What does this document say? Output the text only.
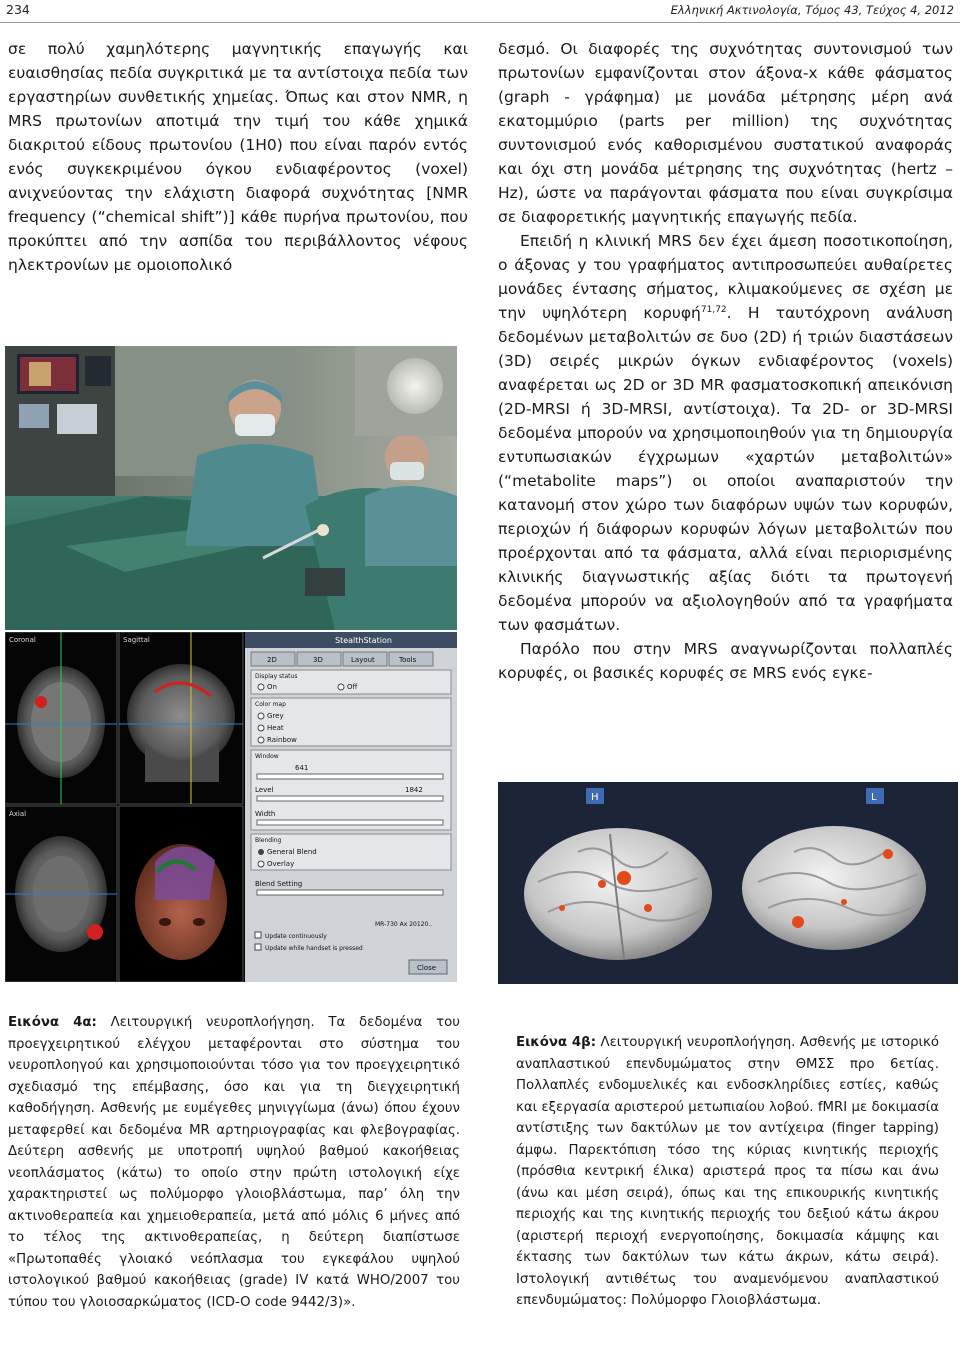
234	Ελληνική Ακτινολογία, Τόμος 43, Τεύχος 4, 2012

σε πολύ χαμηλότερης μαγνητικής επαγωγής και ευαισθησίας πεδία συγκριτικά με τα αντίστοιχα πεδία των εργαστηρίων συνθετικής χημείας. Όπως και στον NMR, η MRS πρωτονίων αποτιμά την τιμή του κάθε χημικά διακριτού είδους πρωτονίου (1Η0) που είναι παρόν εντός ενός συγκεκριμένου όγκου ενδιαφέροντος (voxel) ανιχνεύοντας την ελάχιστη διαφορά συχνότητας [NMR frequency (“chemical shift”)] κάθε πυρήνα πρωτονίου, που προκύπτει από την ασπίδα του περιβάλλοντος νέφους ηλεκτρονίων με ομοιοπολικό

δεσμό. Οι διαφορές της συχνότητας συντονισμού των πρωτονίων εμφανίζονται στον άξονα-x κάθε φάσματος (graph - γράφημα) με μονάδα μέτρησης μέρη ανά εκατομμύριο (parts per million) της συχνότητας συντονισμού ενός καθορισμένου συστατικού αναφοράς και όχι στη μονάδα μέτρησης της συχνότητας (hertz – Hz), ώστε να παράγονται φάσματα που είναι συγκρίσιμα σε διαφορετικής μαγνητικής επαγωγής πεδία.

Επειδή η κλινική MRS δεν έχει άμεση ποσοτικοποίηση, ο άξονας y του γραφήματος αντιπροσωπεύει αυθαίρετες μονάδες έντασης σήματος, κλιμακούμενες σε σχέση με την υψηλότερη κορυφή$^{71,72}$. Η ταυτόχρονη ανάλυση δεδομένων μεταβολιτών σε δυο (2D) ή τριών διαστάσεων (3D) σειρές μικρών όγκων ενδιαφέροντος (voxels) αναφέρεται ως 2D or 3D MR φασματοσκοπική απεικόνιση (2D-MRSI ή 3D-MRSI, αντίστοιχα). Τα 2D- or 3D-MRSI δεδομένα μπορούν να χρησιμοποιηθούν για τη δημιουργία εντυπωσιακών έγχρωμων «χαρτών μεταβολιτών» (“metabolite maps”) οι οποίοι αναπαριστούν την κατανομή στον χώρο των διαφόρων υψών των κορυφών, περιοχών ή διάφορων κορυφών λόγων μεταβολιτών που προέρχονται από τα φάσματα, αλλά είναι περιορισμένης κλινικής διαγνωστικής αξίας διότι τα πρωτογενή δεδομένα μπορούν να αξιολογηθούν από τα γραφήματα των φασμάτων.

Παρόλο που στην MRS αναγνωρίζονται πολλαπλές κορυφές, οι βασικές κορυφές σε MRS ενός εγκε-

Coronal	Sagittal
Axial
StealthStation
2D	3D	Layout	Tools
Display status
On	Off
Color map
Grey
Heat
Rainbow
Window
641
Level	1842
Width
Blending
General Blend
Overlay
Blend Setting
MR-730 Ax 20120..
Update continuously
Update while handset is pressed
Close
H	L

Εικόνα 4α: Λειτουργική νευροπλοήγηση. Τα δεδομένα του προεγχειρητικού ελέγχου μεταφέρονται στο σύστημα του νευροπλοηγού και χρησιμοποιούνται τόσο για τον προεγχειρητικό σχεδιασμό της επέμβασης, όσο και για τη διεγχειρητική καθοδήγηση. Ασθενής με ευμέγεθες μηνιγγίωμα (άνω) όπου έχουν μεταφερθεί και δεδομένα MR αρτηριογραφίας και φλεβογραφίας. Δεύτερη ασθενής με υποτροπή υψηλού βαθμού κακοήθειας νεοπλάσματος (κάτω) το οποίο στην πρώτη ιστολογική είχε χαρακτηριστεί ως πολύμορφο γλοιοβλάστωμα, παρ’ όλη την ακτινοθεραπεία και χημειοθεραπεία, μετά από μόλις 6 μήνες από το τέλος της ακτινοθεραπείας, η δεύτερη διαπίστωσε «Πρωτοπαθές γλοιακό νεόπλασμα του εγκεφάλου υψηλού ιστολογικού βαθμού κακοήθειας (grade) IV κατά WHO/2007 του τύπου του γλοιοσαρκώματος (ICD-O code 9442/3)».

Εικόνα 4β: Λειτουργική νευροπλοήγηση. Ασθενής με ιστορικό αναπλαστικού επενδυμώματος στην ΘΜΣΣ προ 6ετίας. Πολλαπλές ενδομυελικές και ενδοσκληρίδιες εστίες, καθώς και εξεργασία αριστερού μετωπιαίου λοβού. fMRI με δοκιμασία αντίστιξης των δακτύλων με τον αντίχειρα (finger tapping) άμφω. Παρεκτόπιση τόσο της κύριας κινητικής περιοχής (πρόσθια κεντρική έλικα) αριστερά προς τα πίσω και άνω (άνω και μέση σειρά), όπως και της επικουρικής κινητικής περιοχής και της κινητικής περιοχής του δεξιού κάτω άκρου (αριστερή περιοχή ενεργοποίησης, δοκιμασία κάμψης και έκτασης των δακτύλων των κάτω άκρων, κάτω σειρά). Ιστολογική αντιθέτως του αναμενόμενου αναπλαστικού επενδυμώματος: Πολύμορφο Γλοιοβλάστωμα.
